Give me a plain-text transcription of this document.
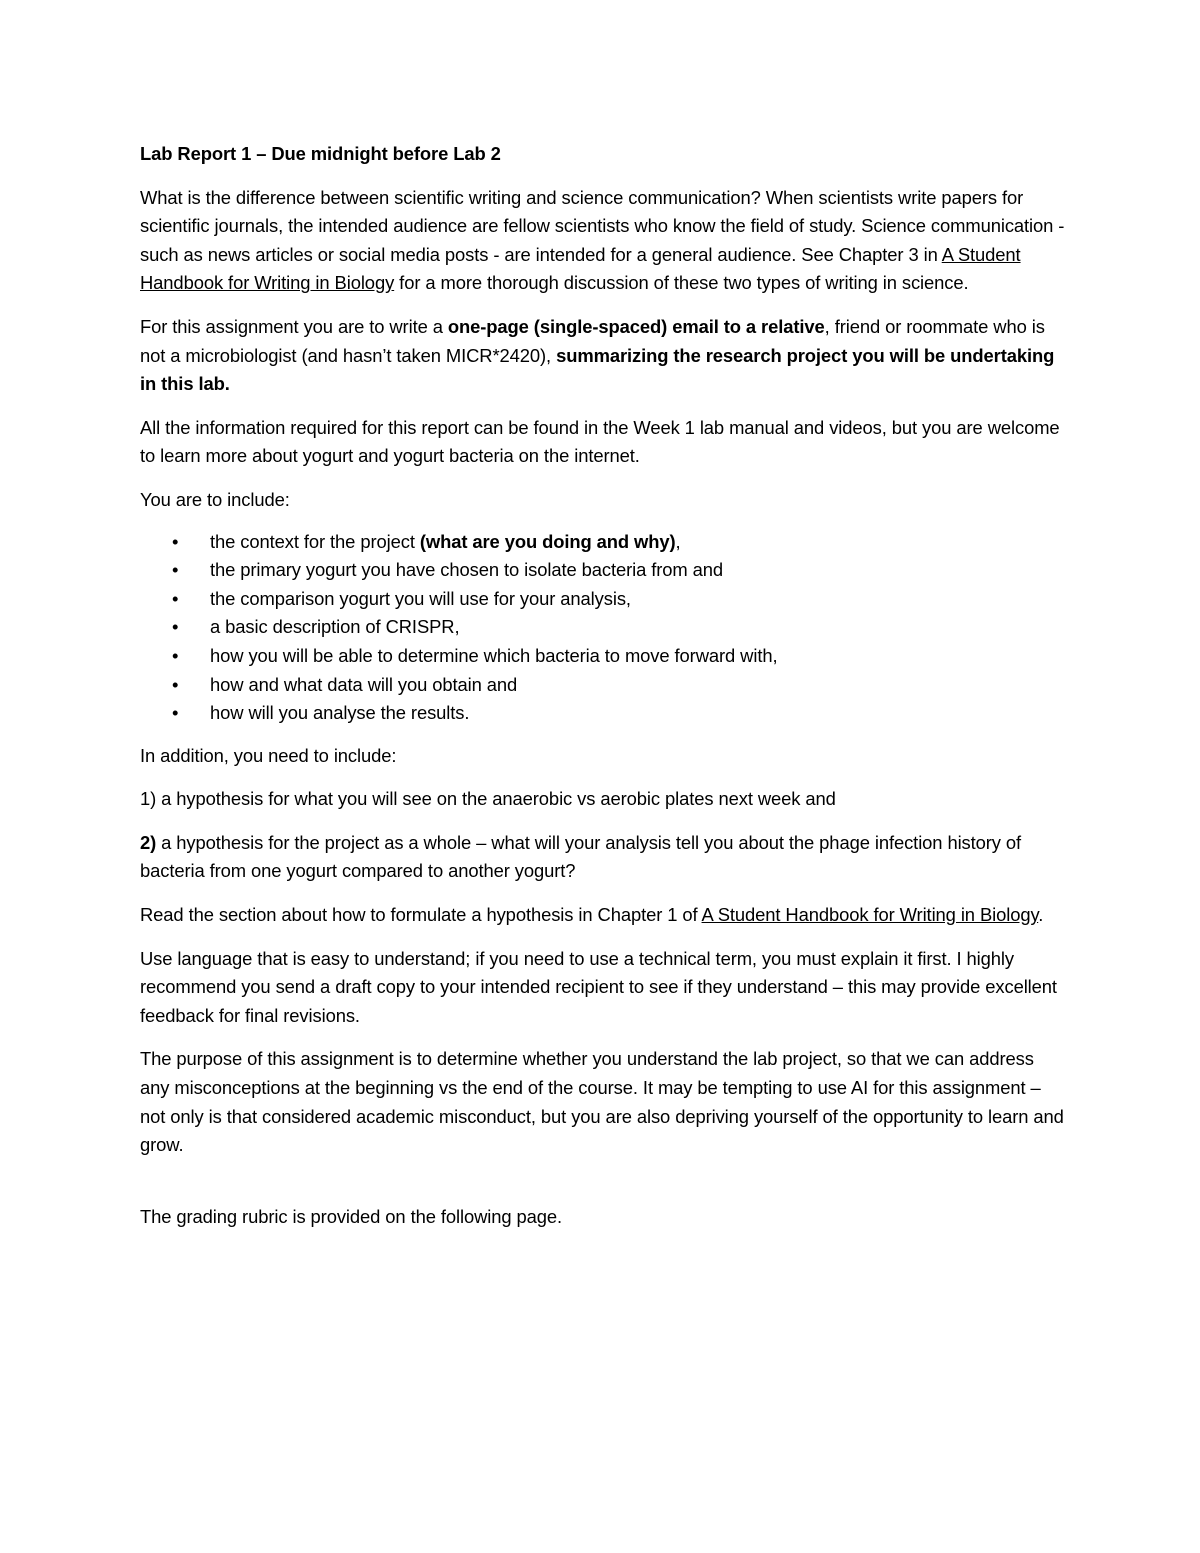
Lab Report 1 – Due midnight before Lab 2

What is the difference between scientific writing and science communication? When scientists write papers for scientific journals, the intended audience are fellow scientists who know the field of study. Science communication - such as news articles or social media posts - are intended for a general audience. See Chapter 3 in A Student Handbook for Writing in Biology for a more thorough discussion of these two types of writing in science.

For this assignment you are to write a one-page (single-spaced) email to a relative, friend or roommate who is not a microbiologist (and hasn’t taken MICR*2420), summarizing the research project you will be undertaking in this lab.

All the information required for this report can be found in the Week 1 lab manual and videos, but you are welcome to learn more about yogurt and yogurt bacteria on the internet.

You are to include:

• the context for the project (what are you doing and why),
• the primary yogurt you have chosen to isolate bacteria from and
• the comparison yogurt you will use for your analysis,
• a basic description of CRISPR,
• how you will be able to determine which bacteria to move forward with,
• how and what data will you obtain and
• how will you analyse the results.

In addition, you need to include:

1) a hypothesis for what you will see on the anaerobic vs aerobic plates next week and

2) a hypothesis for the project as a whole – what will your analysis tell you about the phage infection history of bacteria from one yogurt compared to another yogurt?

Read the section about how to formulate a hypothesis in Chapter 1 of A Student Handbook for Writing in Biology.

Use language that is easy to understand; if you need to use a technical term, you must explain it first. I highly recommend you send a draft copy to your intended recipient to see if they understand – this may provide excellent feedback for final revisions.

The purpose of this assignment is to determine whether you understand the lab project, so that we can address any misconceptions at the beginning vs the end of the course. It may be tempting to use AI for this assignment – not only is that considered academic misconduct, but you are also depriving yourself of the opportunity to learn and grow.

The grading rubric is provided on the following page.
